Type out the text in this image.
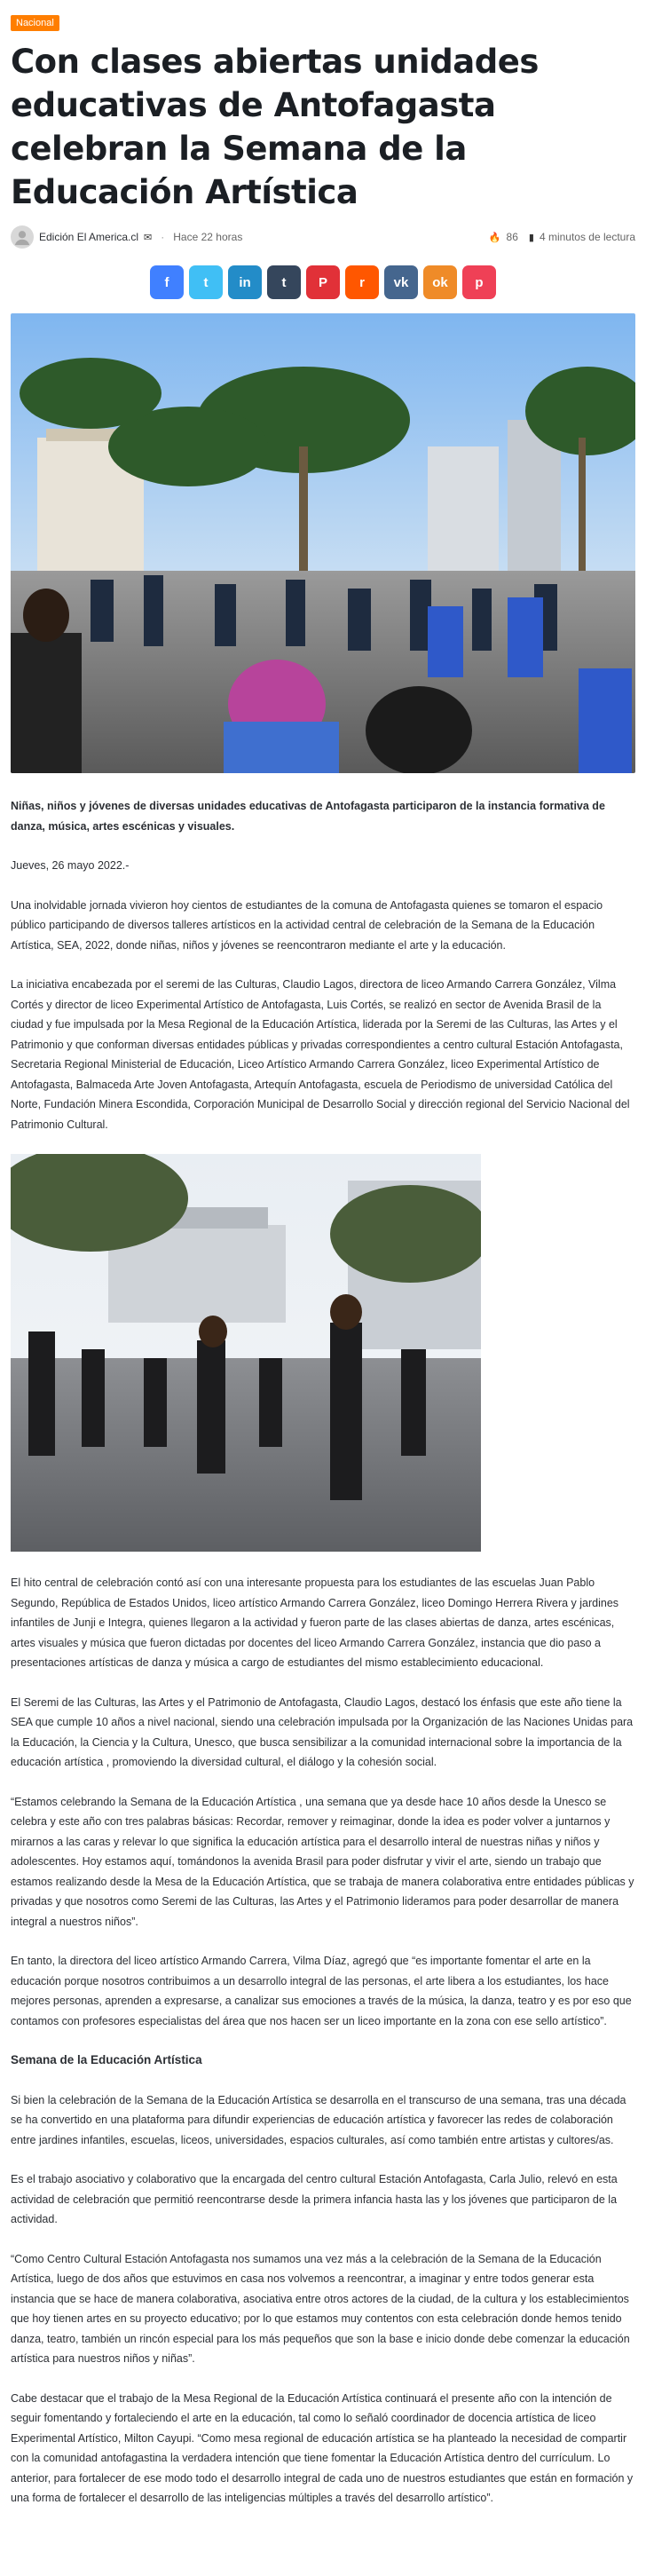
Nacional
Con clases abiertas unidades educativas de Antofagasta celebran la Semana de la Educación Artística
Edición El America.cl ✉ · Hace 22 horas	🔥 86 ▮ 4 minutos de lectura
f	t in t P r vk ok p

Niñas, niños y jóvenes de diversas unidades educativas de Antofagasta participaron de la instancia formativa de danza, música, artes escénicas y visuales.

Jueves, 26 mayo 2022.-

Una inolvidable jornada vivieron hoy cientos de estudiantes de la comuna de Antofagasta quienes se tomaron el espacio público participando de diversos talleres artísticos en la actividad central de celebración de la Semana de la Educación Artística, SEA, 2022, donde niñas, niños y jóvenes se reencontraron mediante el arte y la educación.

La iniciativa encabezada por el seremi de las Culturas, Claudio Lagos, directora de liceo Armando Carrera González, Vilma Cortés y director de liceo Experimental Artístico de Antofagasta, Luis Cortés, se realizó en sector de Avenida Brasil de la ciudad y fue impulsada por la Mesa Regional de la Educación Artística, liderada por la Seremi de las Culturas, las Artes y el Patrimonio y que conforman diversas entidades públicas y privadas correspondientes a centro cultural Estación Antofagasta, Secretaria Regional Ministerial de Educación, Liceo Artístico Armando Carrera González, liceo Experimental Artístico de Antofagasta, Balmaceda Arte Joven Antofagasta, Artequín Antofagasta, escuela de Periodismo de universidad Católica del Norte, Fundación Minera Escondida, Corporación Municipal de Desarrollo Social y dirección regional del Servicio Nacional del Patrimonio Cultural.

El hito central de celebración contó así con una interesante propuesta para los estudiantes de las escuelas Juan Pablo Segundo, República de Estados Unidos, liceo artístico Armando Carrera González, liceo Domingo Herrera Rivera y jardines infantiles de Junji e Integra, quienes llegaron a la actividad y fueron parte de las clases abiertas de danza, artes escénicas, artes visuales y música que fueron dictadas por docentes del liceo Armando Carrera González, instancia que dio paso a presentaciones artísticas de danza y música a cargo de estudiantes del mismo establecimiento educacional.

El Seremi de las Culturas, las Artes y el Patrimonio de Antofagasta, Claudio Lagos, destacó los énfasis que este año tiene la SEA que cumple 10 años a nivel nacional, siendo una celebración impulsada por la Organización de las Naciones Unidas para la Educación, la Ciencia y la Cultura, Unesco, que busca sensibilizar a la comunidad internacional sobre la importancia de la educación artística , promoviendo la diversidad cultural, el diálogo y la cohesión social.

“Estamos celebrando la Semana de la Educación Artística , una semana que ya desde hace 10 años desde la Unesco se celebra y este año con tres palabras básicas: Recordar, remover y reimaginar, donde la idea es poder volver a juntarnos y mirarnos a las caras y relevar lo que significa la educación artística para el desarrollo interal de nuestras niñas y niños y adolescentes. Hoy estamos aquí, tomándonos la avenida Brasil para poder disfrutar y vivir el arte, siendo un trabajo que estamos realizando desde la Mesa de la Educación Artística, que se trabaja de manera colaborativa entre entidades públicas y privadas y que nosotros como Seremi de las Culturas, las Artes y el Patrimonio lideramos para poder desarrollar de manera integral a nuestros niños”.

En tanto, la directora del liceo artístico Armando Carrera, Vilma Díaz, agregó que “es importante fomentar el arte en la educación porque nosotros contribuimos a un desarrollo integral de las personas, el arte libera a los estudiantes, los hace mejores personas, aprenden a expresarse, a canalizar sus emociones a través de la música, la danza, teatro y es por eso que contamos con profesores especialistas del área que nos hacen ser un liceo importante en la zona con ese sello artístico”.

Semana de la Educación Artística

Si bien la celebración de la Semana de la Educación Artística se desarrolla en el transcurso de una semana, tras una década se ha convertido en una plataforma para difundir experiencias de educación artística y favorecer las redes de colaboración entre jardines infantiles, escuelas, liceos, universidades, espacios culturales, así como también entre artistas y cultores/as.

Es el trabajo asociativo y colaborativo que la encargada del centro cultural Estación Antofagasta, Carla Julio, relevó en esta actividad de celebración que permitió reencontrarse desde la primera infancia hasta las y los jóvenes que participaron de la actividad.

“Como Centro Cultural Estación Antofagasta nos sumamos una vez más a la celebración de la Semana de la Educación Artística, luego de dos años que estuvimos en casa nos volvemos a reencontrar, a imaginar y entre todos generar esta instancia que se hace de manera colaborativa, asociativa entre otros actores de la ciudad, de la cultura y los establecimientos que hoy tienen artes en su proyecto educativo; por lo que estamos muy contentos con esta celebración donde hemos tenido danza, teatro, también un rincón especial para los más pequeños que son la base e inicio donde debe comenzar la educación artística para nuestros niños y niñas”.

Cabe destacar que el trabajo de la Mesa Regional de la Educación Artística continuará el presente año con la intención de seguir fomentando y fortaleciendo el arte en la educación, tal como lo señaló coordinador de docencia artística de liceo Experimental Artístico, Milton Cayupi. “Como mesa regional de educación artística se ha planteado la necesidad de compartir con la comunidad antofagastina la verdadera intención que tiene fomentar la Educación Artística dentro del currículum. Lo anterior, para fortalecer de ese modo todo el desarrollo integral de cada uno de nuestros estudiantes que están en formación y una forma de fortalecer el desarrollo de las inteligencias múltiples a través del desarrollo artístico”.
